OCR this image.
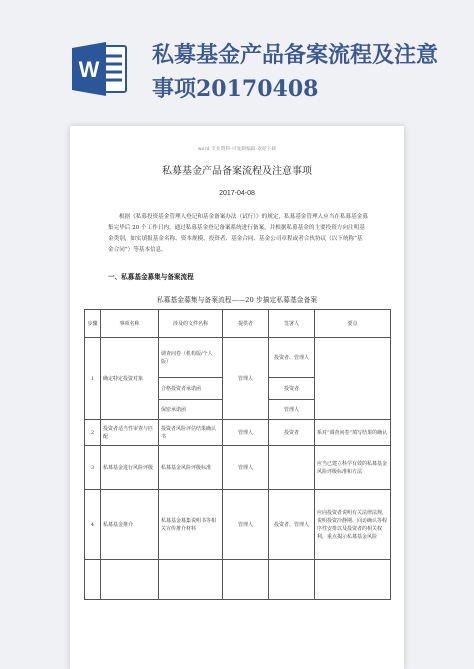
W
私募基金产品备案流程及注意
事项20170408
word 专业资料-可复制编辑-欢迎下载
私募基金产品备案流程及注意事项
2017-04-08
根据《私募投资基金管理人登记和基金备案办法（试行）》的规定，私募基金管理人应当在私募基金募集完毕后 20 个工作日内，通过私募基金登记备案系统进行备案，并根据私募基金的主要投资方向注明基金类别，如实填报基金名称、资本规模、投资者、基金合同、基金公司章程或者合伙协议（以下统称“基金合同”）等基本信息。
一、私募基金募集与备案流程
私募基金募集与备案流程——20 步搞定私募基金备案
步骤	事项名称	涉及的文件名称	提供者	签署人	要点
1	确定特定投资对象	调查问卷（机构版/个人版）	管理人	投资者、管理人	
		合格投资者承诺函		投资者	
		保密承诺函		管理人	
2	投资者适当性审查与匹配	投资者风险评估结果确认书	管理人	投资者	系对“调查问卷”填写结果的确认
3	私募基金进行风险评级	私募基金风险评级标准	管理人		应当已建立科学有效的私募基金风险评级标准和方法
4	私募基金推介	私募基金募集说明书等相关宣传推介材料	管理人	投资者、管理人	应向投资者说明有关法律法规，说明投资冷静期、回访确认等程序性安排以及投资者的相关权利，重点揭示私募基金风险
